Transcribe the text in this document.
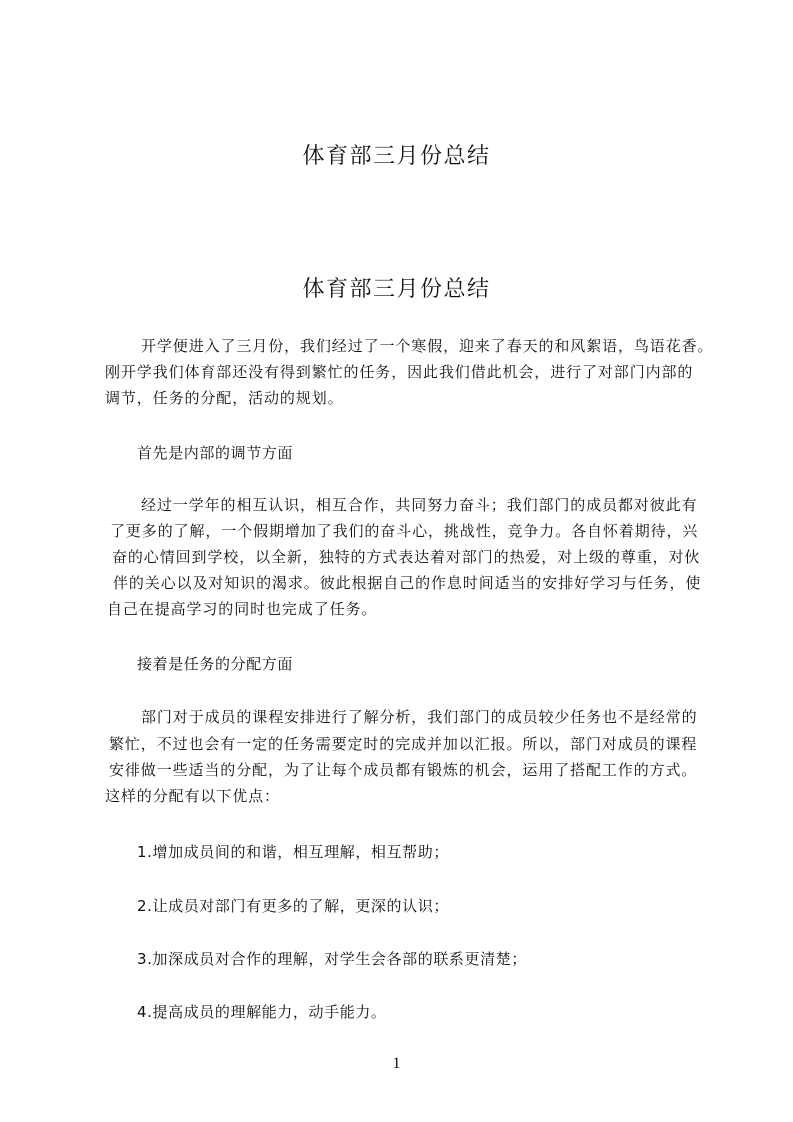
体育部三月份总结
体育部三月份总结
开学便进入了三月份，我们经过了一个寒假，迎来了春天的和风絮语，鸟语花香。
刚开学我们体育部还没有得到繁忙的任务，因此我们借此机会，进行了对部门内部的
调节，任务的分配，活动的规划。
首先是内部的调节方面
经过一学年的相互认识，相互合作，共同努力奋斗；我们部门的成员都对彼此有
了更多的了解，一个假期增加了我们的奋斗心，挑战性，竞争力。各自怀着期待，兴
奋的心情回到学校，以全新，独特的方式表达着对部门的热爱，对上级的尊重，对伙
伴的关心以及对知识的渴求。彼此根据自己的作息时间适当的安排好学习与任务，使
自己在提高学习的同时也完成了任务。
接着是任务的分配方面
部门对于成员的课程安排进行了解分析，我们部门的成员较少任务也不是经常的
繁忙，不过也会有一定的任务需要定时的完成并加以汇报。所以，部门对成员的课程
安徘做一些适当的分配，为了让每个成员都有锻炼的机会，运用了搭配工作的方式。
这样的分配有以下优点：
1.增加成员间的和谐，相互理解，相互帮助；
2.让成员对部门有更多的了解，更深的认识；
3.加深成员对合作的理解，对学生会各部的联系更清楚；
4.提高成员的理解能力，动手能力。
1
